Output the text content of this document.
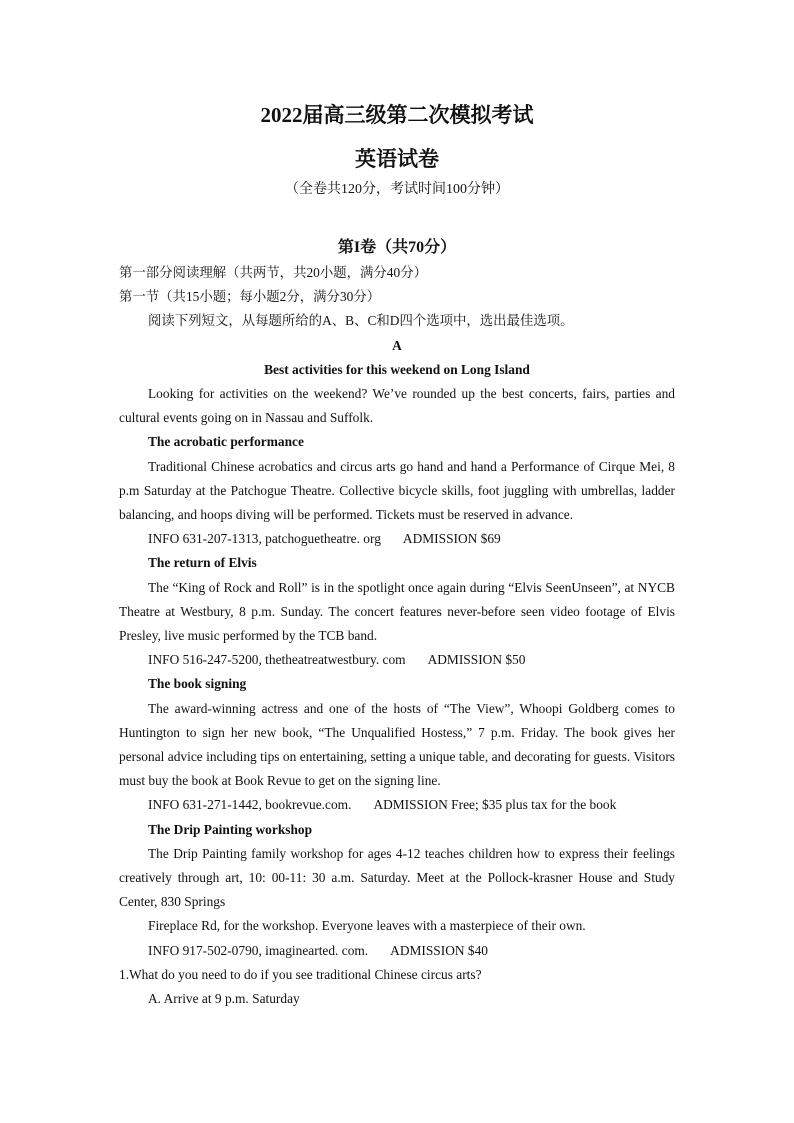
2022届高三级第二次模拟考试
英语试卷
（全卷共120分，考试时间100分钟）
第I卷（共70分）

第一部分阅读理解（共两节，共20小题，满分40分）

第一节（共15小题；每小题2分，满分30分）

阅读下列短文，从每题所给的A、B、C和D四个选项中，选出最佳选项。

A

Best activities for this weekend on Long Island

Looking for activities on the weekend? We’ve rounded up the best concerts, fairs, parties and cultural events going on in Nassau and Suffolk.

The acrobatic performance

Traditional Chinese acrobatics and circus arts go hand and hand a Performance of Cirque Mei, 8 p.m Saturday at the Patchogue Theatre. Collective bicycle skills, foot juggling with umbrellas, ladder balancing, and hoops diving will be performed. Tickets must be reserved in advance.

INFO 631-207-1313, patchoguetheatre. org ADMISSION $69

The return of Elvis

The “King of Rock and Roll” is in the spotlight once again during “Elvis SeenUnseen”, at NYCB Theatre at Westbury, 8 p.m. Sunday. The concert features never-before seen video footage of Elvis Presley, live music performed by the TCB band.

INFO 516-247-5200, thetheatreatwestbury. com ADMISSION $50

The book signing

The award-winning actress and one of the hosts of “The View”, Whoopi Goldberg comes to Huntington to sign her new book, “The Unqualified Hostess,” 7 p.m. Friday. The book gives her personal advice including tips on entertaining, setting a unique table, and decorating for guests. Visitors must buy the book at Book Revue to get on the signing line.

INFO 631-271-1442, bookrevue.com. ADMISSION Free; $35 plus tax for the book

The Drip Painting workshop

The Drip Painting family workshop for ages 4-12 teaches children how to express their feelings creatively through art, 10: 00-11: 30 a.m. Saturday. Meet at the Pollock-krasner House and Study Center, 830 Springs

Fireplace Rd, for the workshop. Everyone leaves with a masterpiece of their own.

INFO 917-502-0790, imaginearted. com. ADMISSION $40

1.What do you need to do if you see traditional Chinese circus arts?

A. Arrive at 9 p.m. Saturday
